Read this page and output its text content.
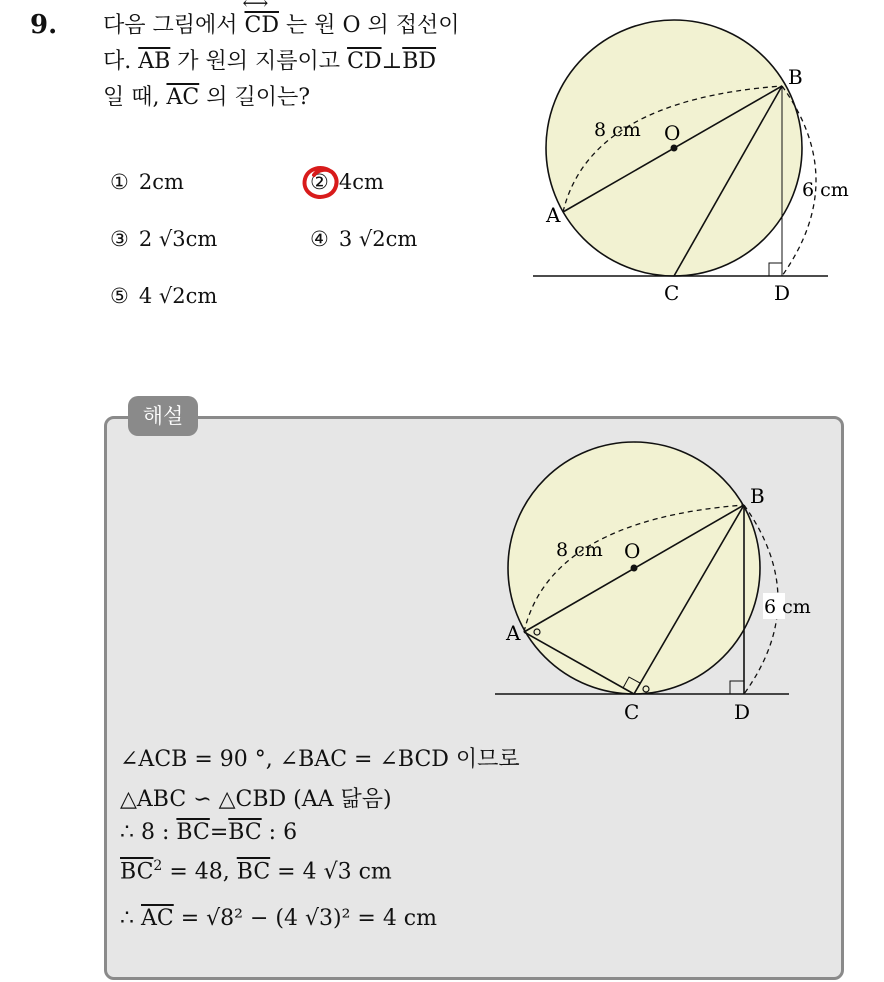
9. 다음 그림에서 ⟷ $\overline{CD}$ 는 원 O 의 접선이
다. $\overline{AB}$ 가 원의 지름이고 $\overline{CD}\perp\overline{BD}$
일 때, $\overline{AC}$ 의 길이는?
① 2cm	② 4cm
③ 2 √3cm	④ 3 √2cm
⑤ 4 √2cm
A
B
C	D
O
8 cm
6 cm
해설
A
B
C	D
O
8 cm
6 cm
∠ACB = 90 °, ∠BAC = ∠BCD 이므로
△ABC ∽ △CBD (AA 닮음)
∴ 8 : $\overline{BC}=\overline{BC}$ : 6
$\overline{BC}^2 = 48$, $\overline{BC} = 4$ √3 cm
∴ $\overline{AC} = √8^2 - (4$ √3)² = 4 cm
